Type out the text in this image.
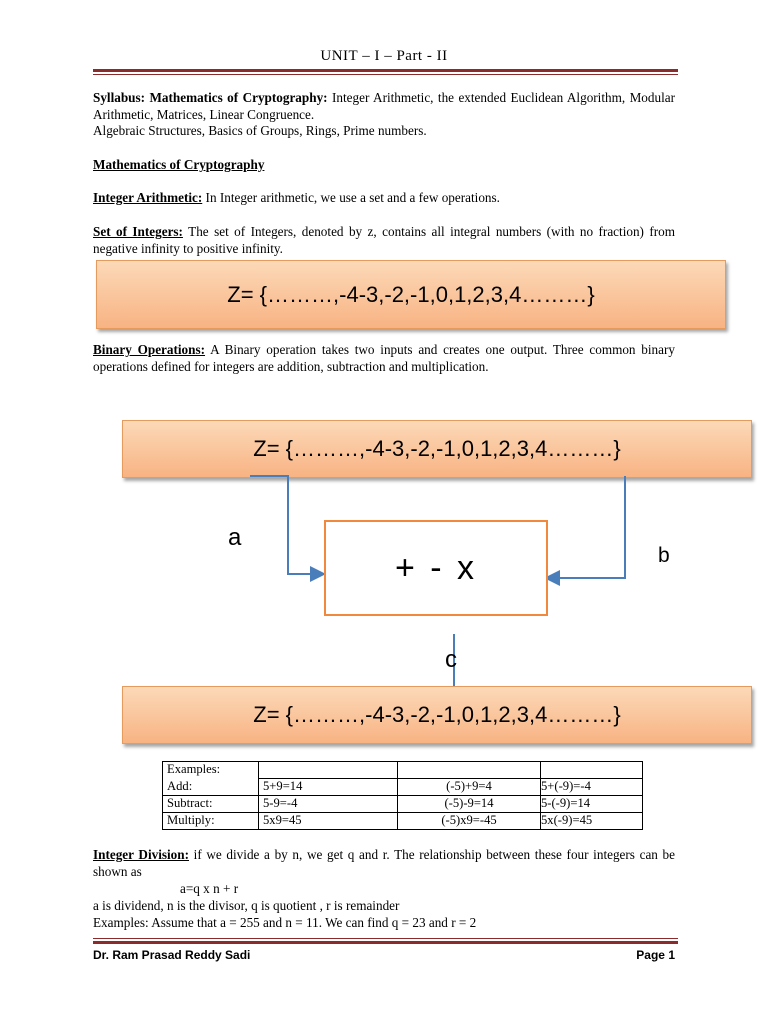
UNIT – I – Part - II
Syllabus: Mathematics of Cryptography: Integer Arithmetic, the extended Euclidean Algorithm, Modular Arithmetic, Matrices, Linear Congruence.
Algebraic Structures, Basics of Groups, Rings, Prime numbers.
Mathematics of Cryptography
Integer Arithmetic: In Integer arithmetic, we use a set and a few operations.
Set of Integers: The set of Integers, denoted by z, contains all integral numbers (with no fraction) from negative infinity to positive infinity.
Z= {………,-4-3,-2,-1,0,1,2,3,4………}
Binary Operations: A Binary operation takes two inputs and creates one output. Three common binary operations defined for integers are addition, subtraction and multiplication.
Z= {………,-4-3,-2,-1,0,1,2,3,4………}
+ - x
a
b
c
Z= {………,-4-3,-2,-1,0,1,2,3,4………}
Examples:			
Add:	5+9=14	(-5)+9=4	5+(-9)=-4
Subtract:	5-9=-4	(-5)-9=14	5-(-9)=14
Multiply:	5x9=45	(-5)x9=-45	5x(-9)=45
Integer Division: if we divide a by n, we get q and r. The relationship between these four integers can be shown as
a=q x n + r
a is dividend, n is the divisor, q is quotient , r is remainder
Examples: Assume that a = 255 and n = 11. We can find q = 23 and r = 2
Dr. Ram Prasad Reddy Sadi	Page 1
